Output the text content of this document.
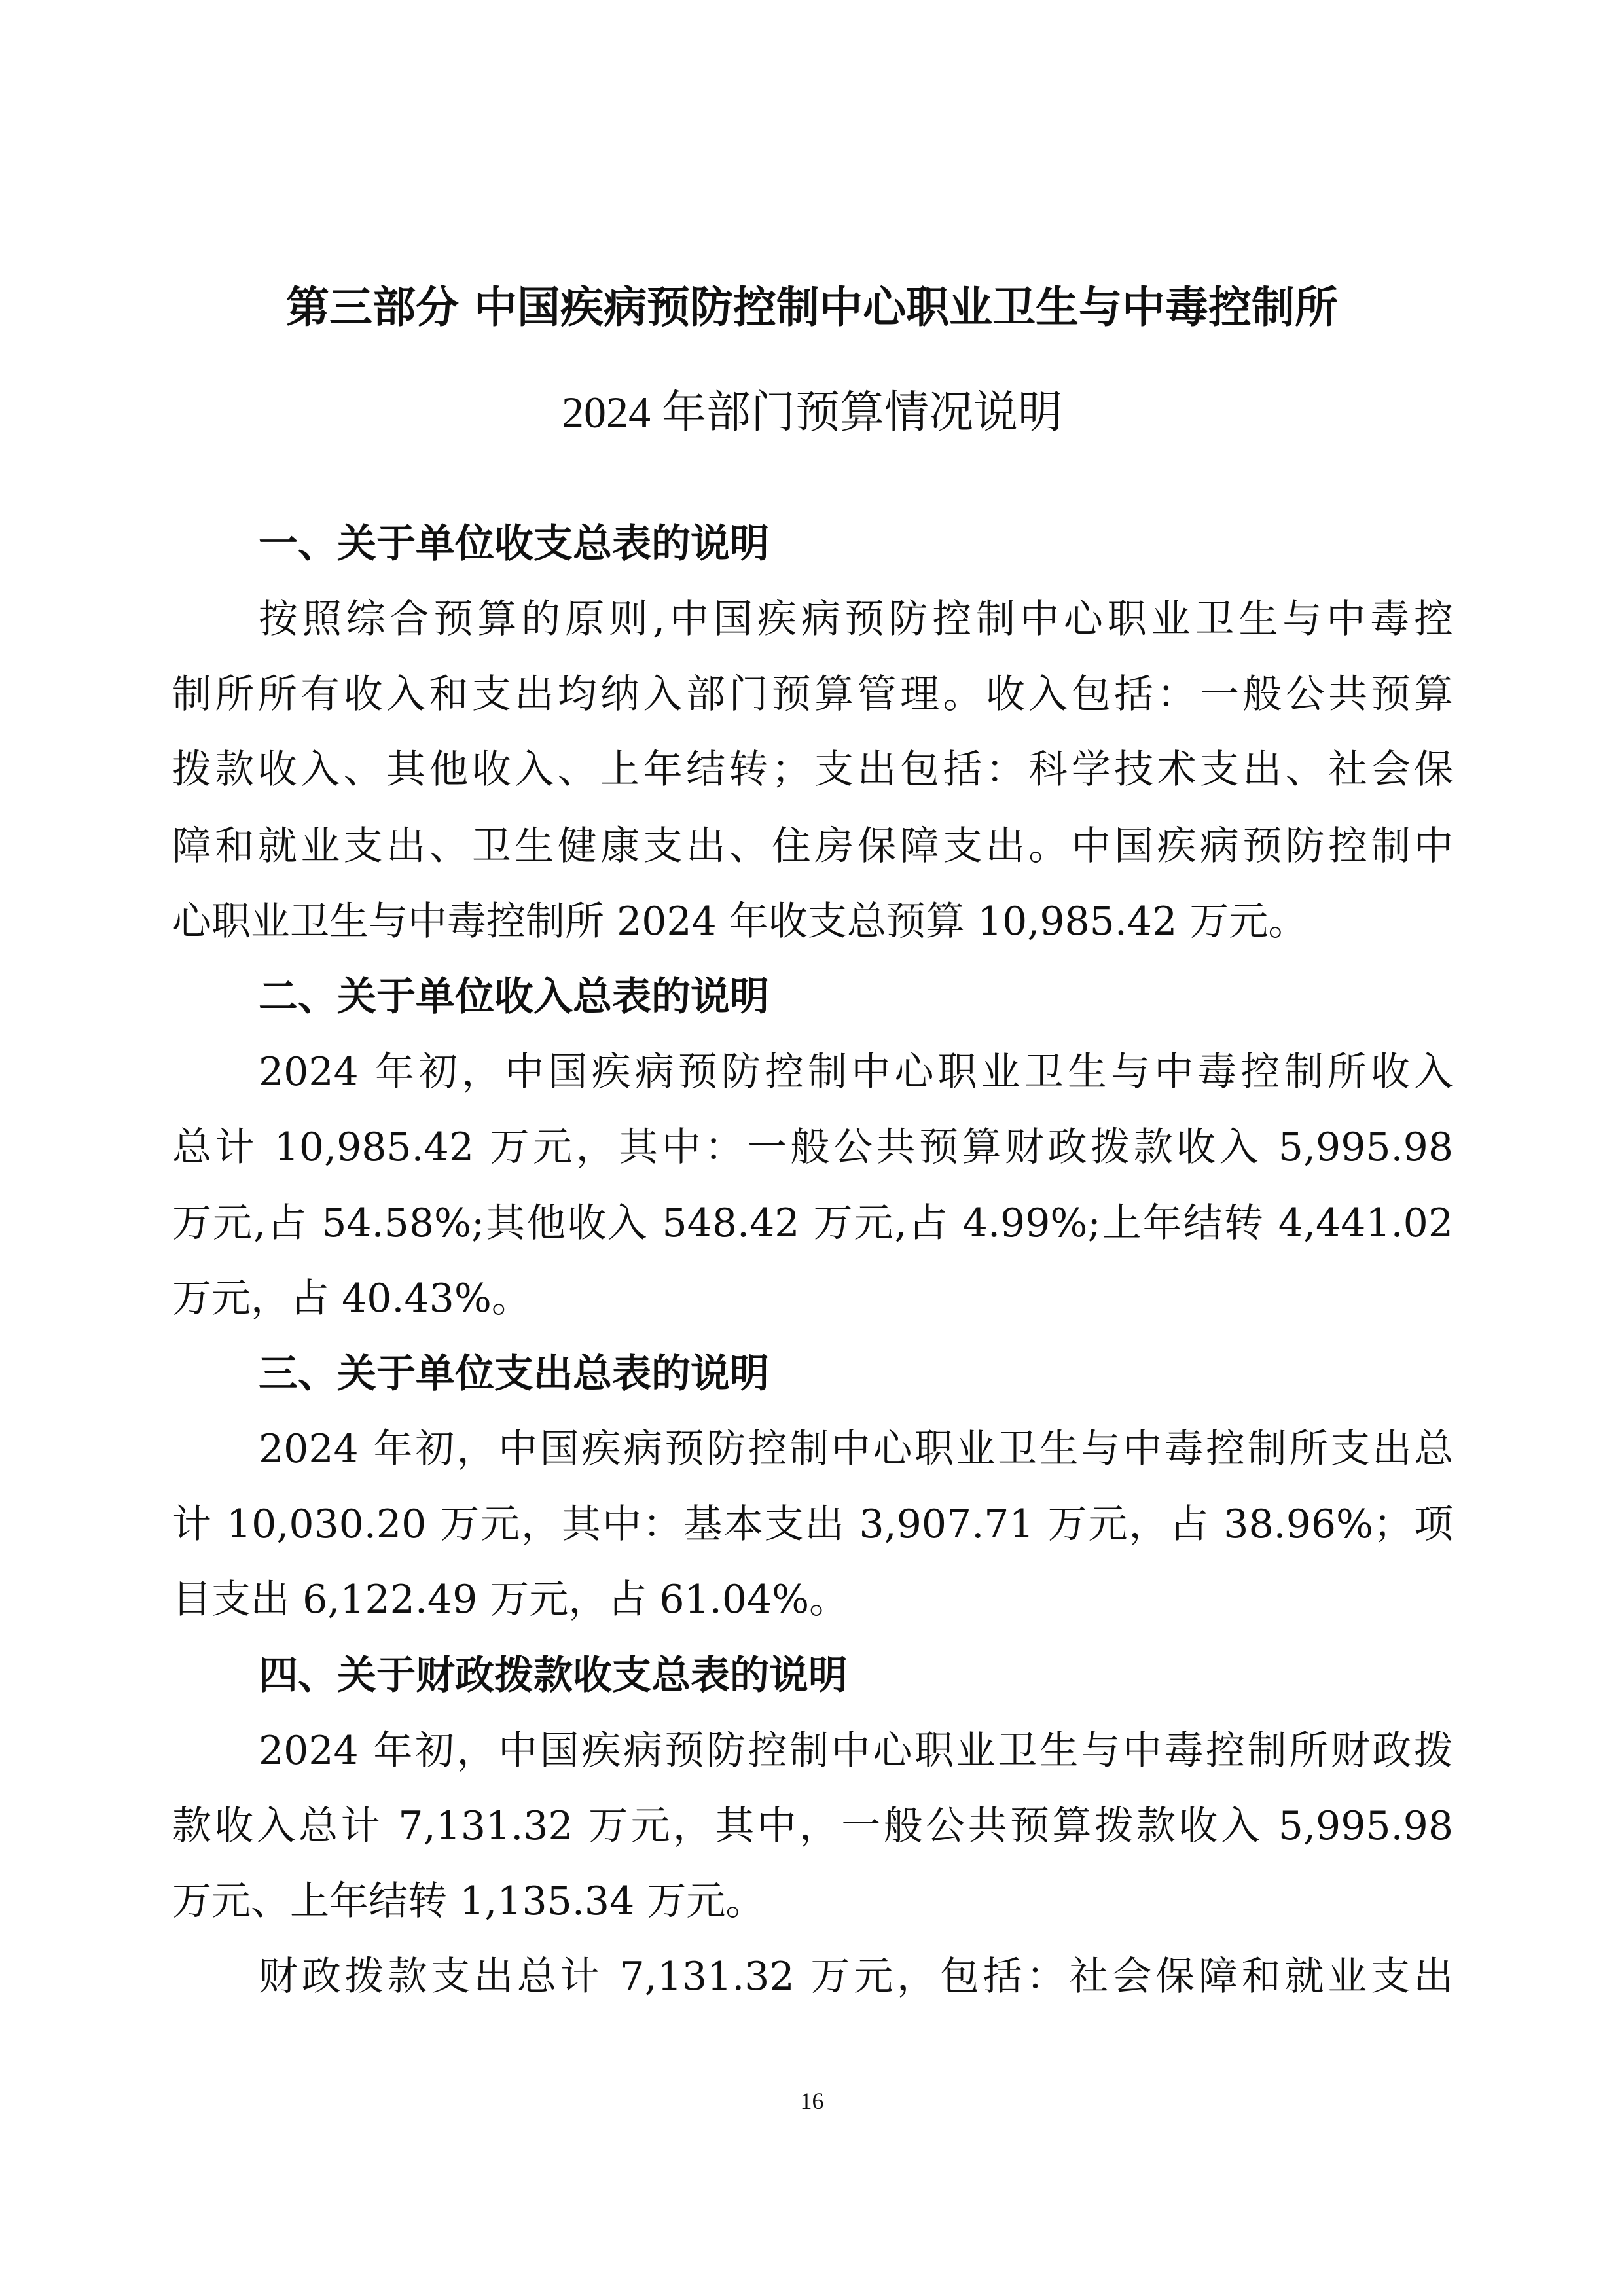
第三部分 中国疾病预防控制中心职业卫生与中毒控制所
2024 年部门预算情况说明
一、关于单位收支总表的说明
按照综合预算的原则,中国疾病预防控制中心职业卫生与中毒控
制所所有收入和支出均纳入部门预算管理。收入包括：一般公共预算
拨款收入、其他收入、上年结转；支出包括：科学技术支出、社会保
障和就业支出、卫生健康支出、住房保障支出。中国疾病预防控制中
心职业卫生与中毒控制所 2024 年收支总预算 10,985.42 万元。
二、关于单位收入总表的说明
2024 年初，中国疾病预防控制中心职业卫生与中毒控制所收入
总计 10,985.42 万元，其中：一般公共预算财政拨款收入 5,995.98
万元,占 54.58%;其他收入 548.42 万元,占 4.99%;上年结转 4,441.02
万元，占 40.43%。
三、关于单位支出总表的说明
2024 年初，中国疾病预防控制中心职业卫生与中毒控制所支出总
计 10,030.20 万元，其中：基本支出 3,907.71 万元，占 38.96%；项
目支出 6,122.49 万元，占 61.04%。
四、关于财政拨款收支总表的说明
2024 年初，中国疾病预防控制中心职业卫生与中毒控制所财政拨
款收入总计 7,131.32 万元，其中，一般公共预算拨款收入 5,995.98
万元、上年结转 1,135.34 万元。
财政拨款支出总计 7,131.32 万元，包括：社会保障和就业支出
16
